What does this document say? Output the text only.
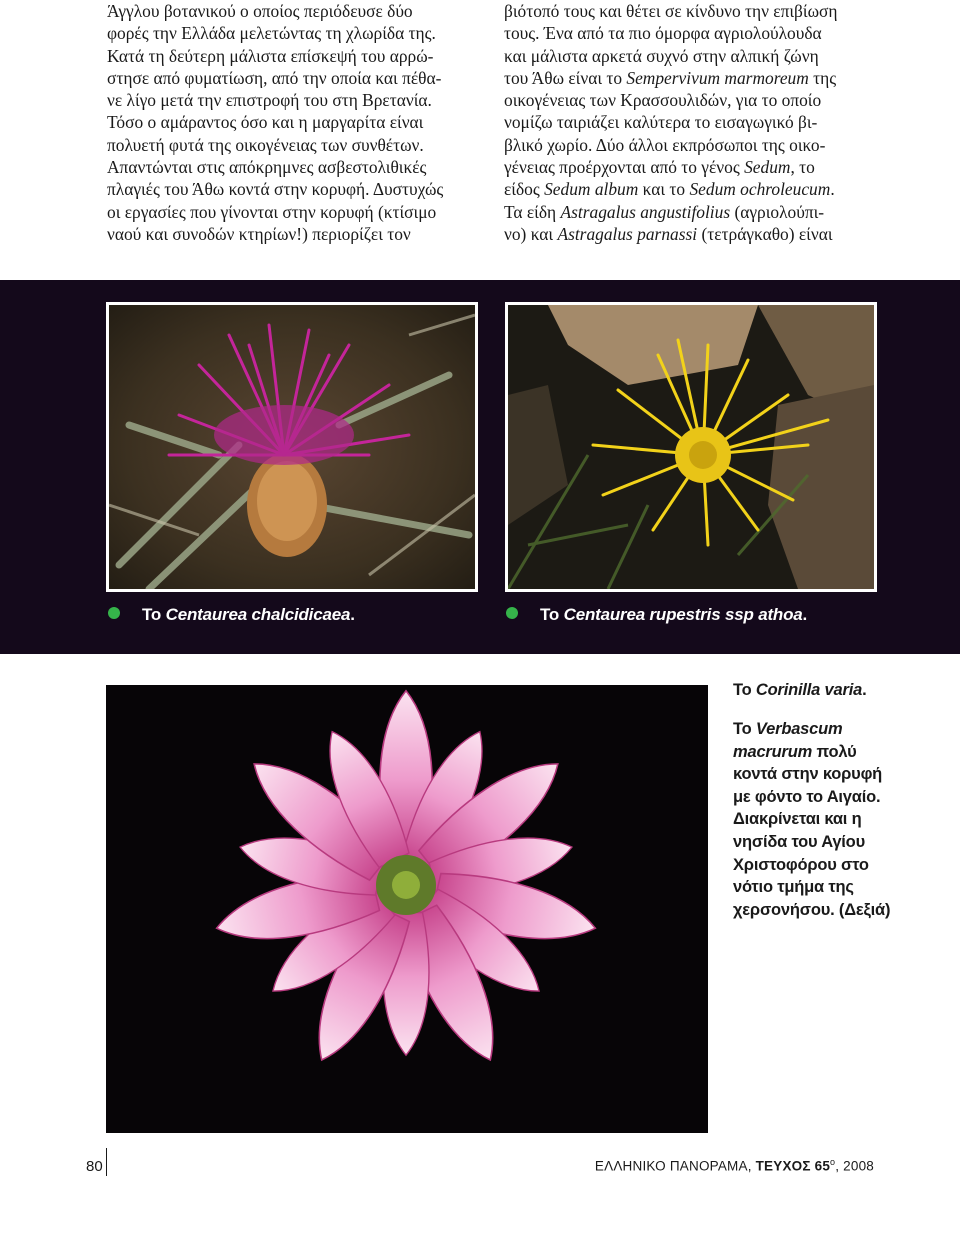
Άγγλου βοτανικού ο οποίος περιόδευσε δύο

φορές την Ελλάδα μελετώντας τη χλωρίδα της.

Κατά τη δεύτερη μάλιστα επίσκεψή του αρρώ-

στησε από φυματίωση, από την οποία και πέθα-

νε λίγο μετά την επιστροφή του στη Βρετανία.

Τόσο ο αμάραντος όσο και η μαργαρίτα είναι

πολυετή φυτά της οικογένειας των συνθέτων.

Απαντώνται στις απόκρημνες ασβεστολιθικές

πλαγιές του Άθω κοντά στην κορυφή. Δυστυχώς

οι εργασίες που γίνονται στην κορυφή (κτίσιμο

ναού και συνοδών κτηρίων!) περιορίζει τον

βιότοπό τους και θέτει σε κίνδυνο την επιβίωση

τους. Ένα από τα πιο όμορφα αγριολούλουδα

και μάλιστα αρκετά συχνό στην αλπική ζώνη

του Άθω είναι το Sempervivum marmoreum της

οικογένειας των Κρασσουλιδών, για το οποίο

νομίζω ταιριάζει καλύτερα το εισαγωγικό βι-

βλικό χωρίο. Δύο άλλοι εκπρόσωποι της οικο-

γένειας προέρχονται από το γένος Sedum, το

είδος Sedum album και το Sedum ochroleucum.

Τα είδη Astragalus angustifolius (αγριολούπι-

νο) και Astragalus parnassi (τετράγκαθο) είναι

Το Centaurea chalcidicaea.	Το Centaurea rupestris ssp athoa.
Το Corinilla varia.
Το Verbascum macrurum πολύ κοντά στην κορυφή με φόντο το Αιγαίο. Διακρίνεται και η νησίδα του Αγίου Χριστοφόρου στο νότιο τμήμα της χερσονήσου. (Δεξιά)
80	ΕΛΛΗΝΙΚΟ ΠΑΝΟΡΑΜΑ, ΤΕΥΧΟΣ $65^o$, 2008
